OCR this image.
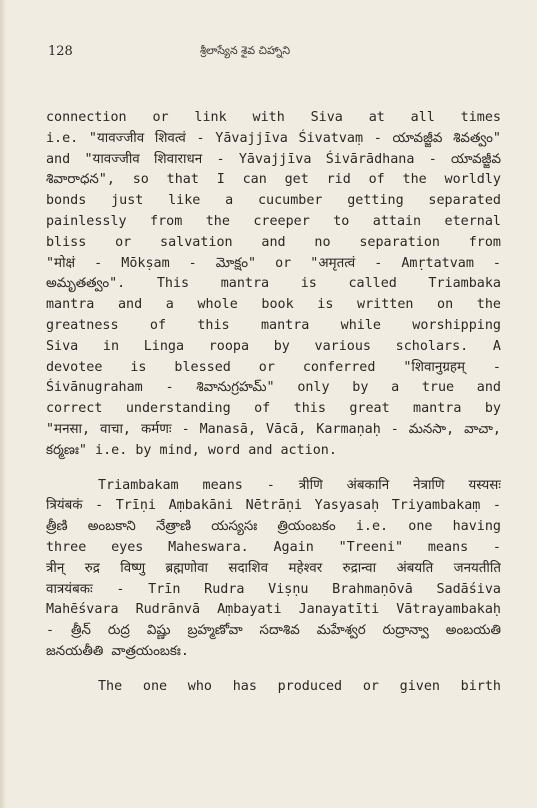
128	శ్రీలాస్యేన శైవ చిహ్నాని
connection or link with Siva at all times
i.e. "यावज्जीव शिवत्वं - Yāvajjīva Śivatvaṃ - యావజ్జీవ శివత్వం"
and "यावज्जीव शिवाराधन - Yāvajjīva Śivārādhana - యావజ్జీవ
శివారాధన", so that I can get rid of the worldly
bonds just like a cucumber getting separated
painlessly from the creeper to attain eternal
bliss or salvation and no separation from
"मोक्षं - Mōkṣam - మోక్షం" or "अमृतत्वं - Amṛtatvam -
అమృతత్వం". This mantra is called Triambaka
mantra and a whole book is written on the
greatness of this mantra while worshipping
Siva in Linga roopa by various scholars. A
devotee is blessed or conferred "शिवानुग्रहम् -
Śivānugraham - శివానుగ్రహమ్" only by a true and
correct understanding of this great mantra by
"मनसा, वाचा, कर्मणः - Manasā, Vācā, Karmaṇaḥ - మనసా, వాచా,
కర్మణః" i.e. by mind, word and action.
Triambakam means - त्रीणि अंबकानि नेत्राणि यस्यसः
त्रियंबकं - Trīṇi Aṃbakāni Nētrāṇi Yasyasaḥ Triyambakaṃ -
త్రీణి అంబకాని నేత్రాణి యస్యసః త్రియంబకం i.e. one having
three eyes Maheswara. Again "Treeni" means -
त्रीन् रुद्र विष्णु ब्रह्मणोवा सदाशिव महेश्वर रुद्रान्वा अंबयति जनयतीति
वात्रयंबकः - Trīn Rudra Viṣṇu Brahmaṇōvā Sadāśiva
Mahēśvara Rudrānvā Aṃbayati Janayatīti Vātrayambakaḥ
- త్రీన్ రుద్ర విష్ణు బ్రహ్మణోవా సదాశివ మహేశ్వర రుద్రాన్వా అంబయతి
జనయతీతి వాత్రయంబకః.
The one who has produced or given birth
